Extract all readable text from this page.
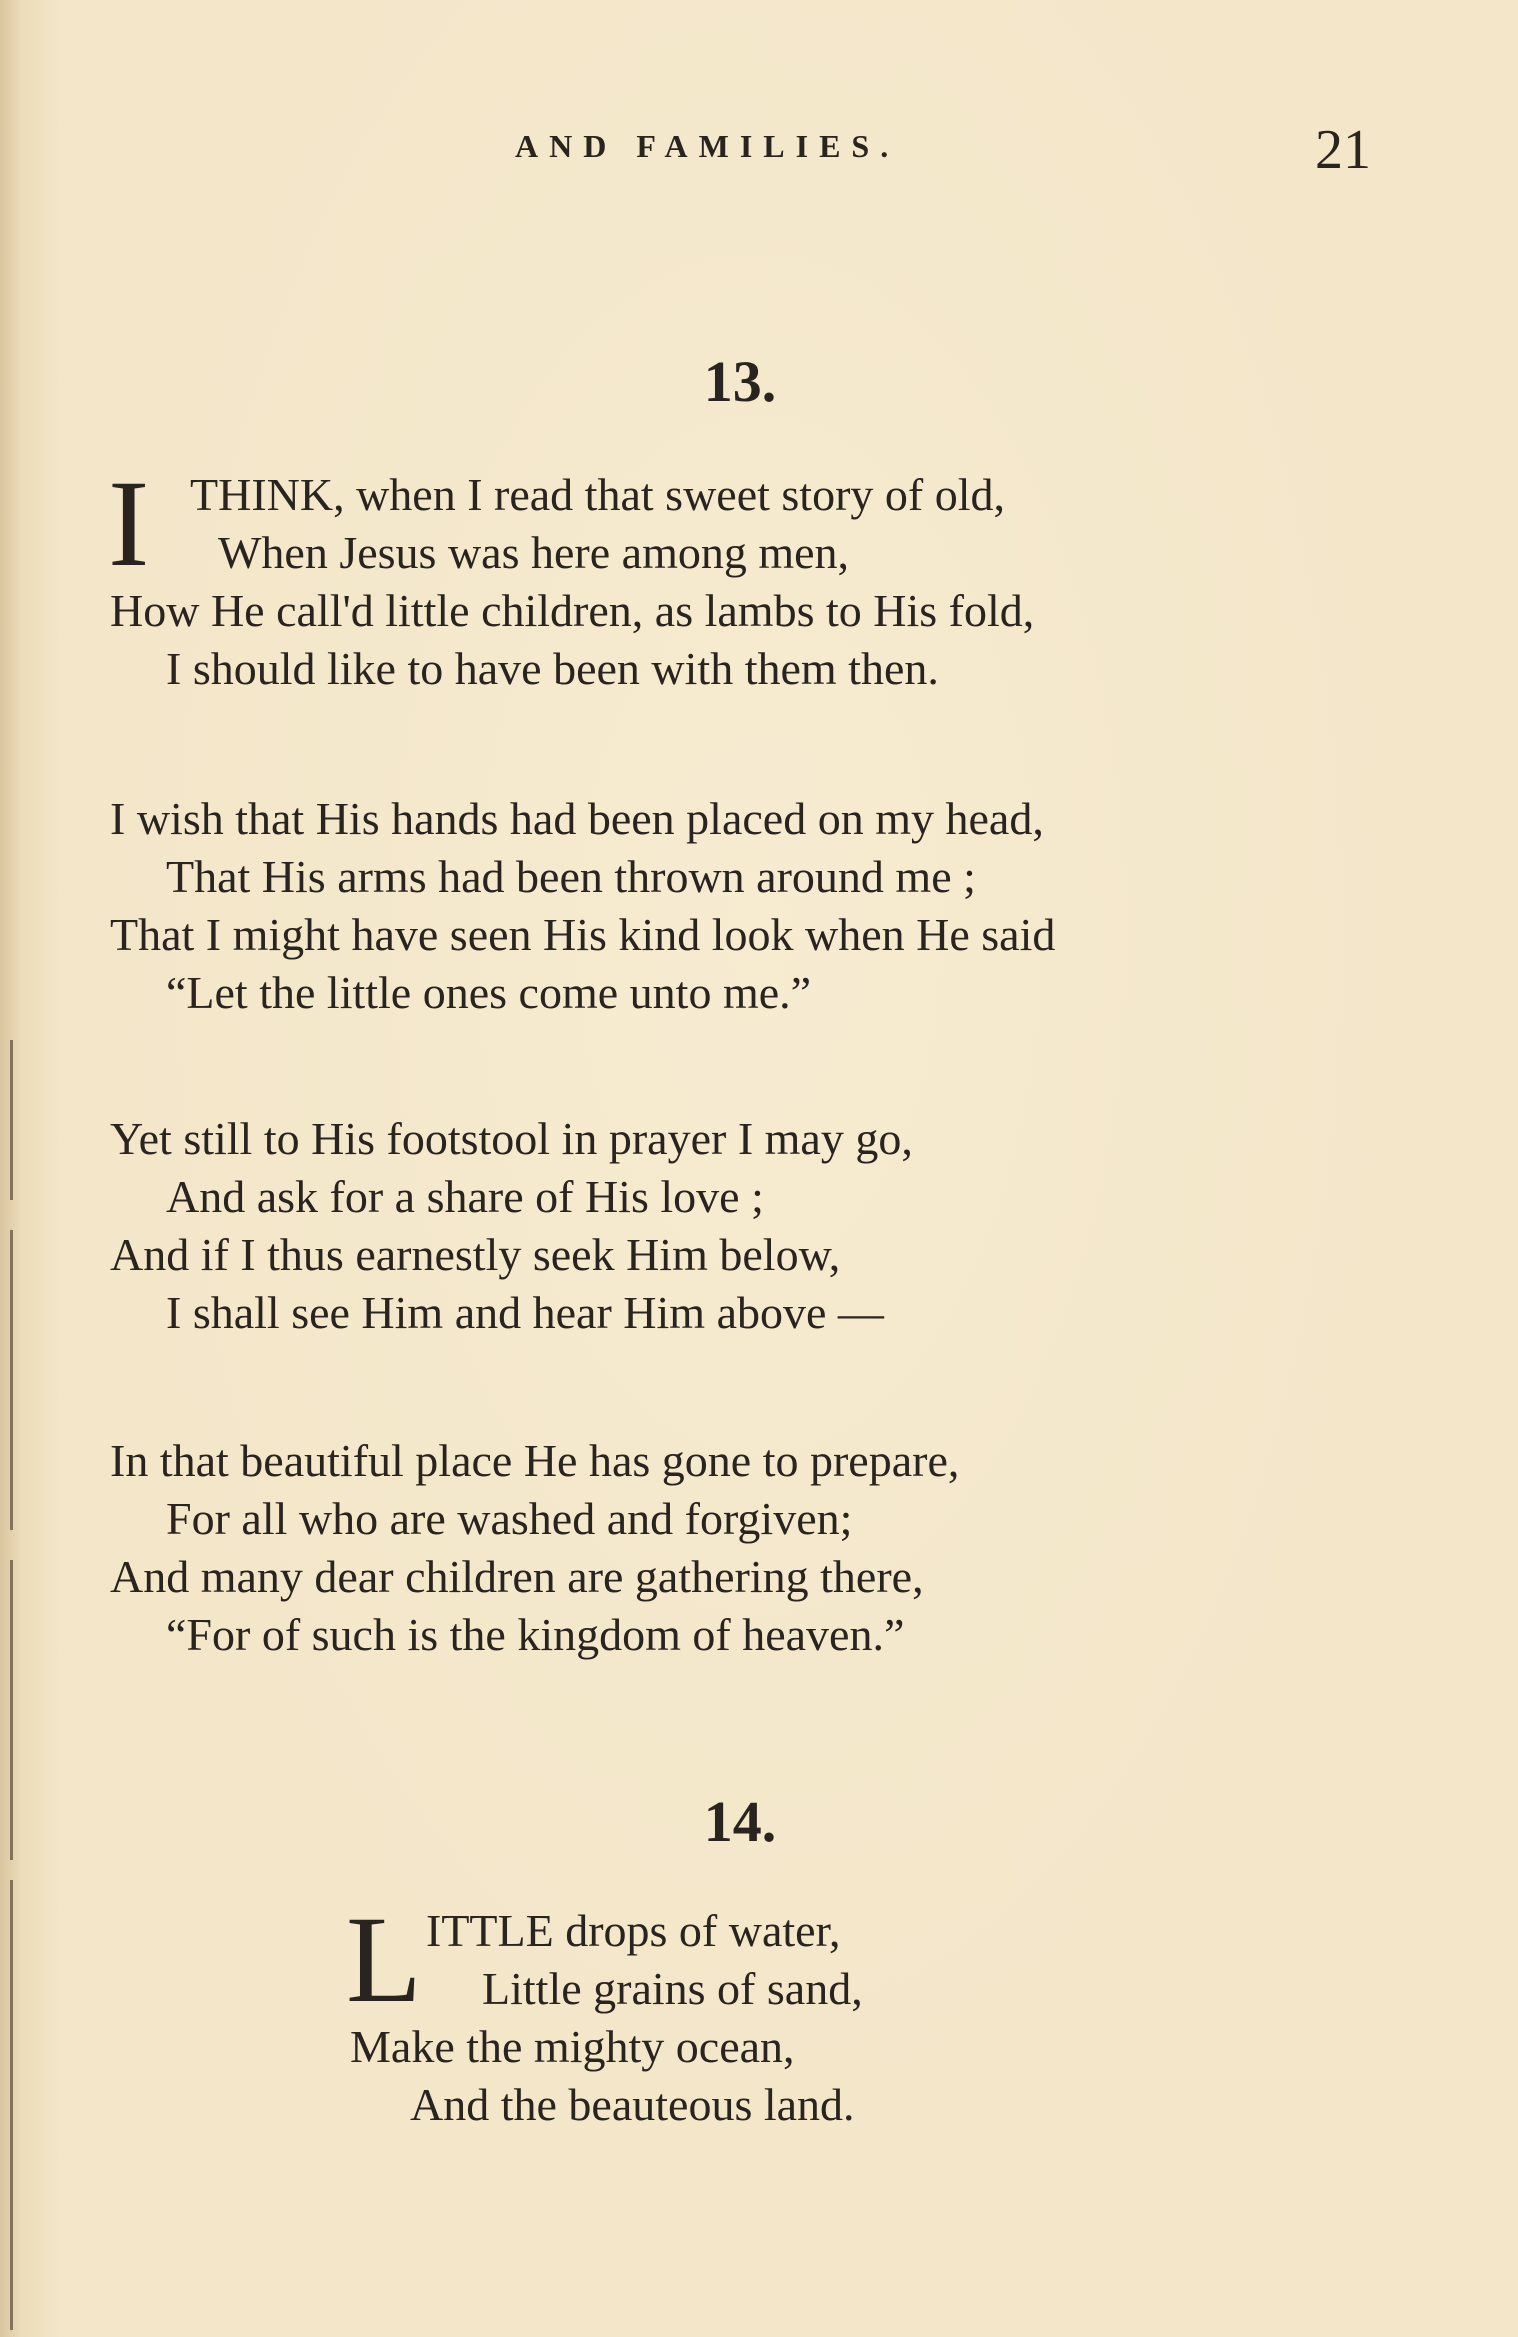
AND FAMILIES.	21
13.
I THINK, when I read that sweet story of old,
When Jesus was here among men,
How He call'd little children, as lambs to His fold,
I should like to have been with them then.
I wish that His hands had been placed on my head,
That His arms had been thrown around me ;
That I might have seen His kind look when He said
“Let the little ones come unto me.”
Yet still to His footstool in prayer I may go,
And ask for a share of His love ;
And if I thus earnestly seek Him below,
I shall see Him and hear Him above —
In that beautiful place He has gone to prepare,
For all who are washed and forgiven;
And many dear children are gathering there,
“For of such is the kingdom of heaven.”
14.
L ITTLE drops of water,
Little grains of sand,
Make the mighty ocean,
And the beauteous land.
